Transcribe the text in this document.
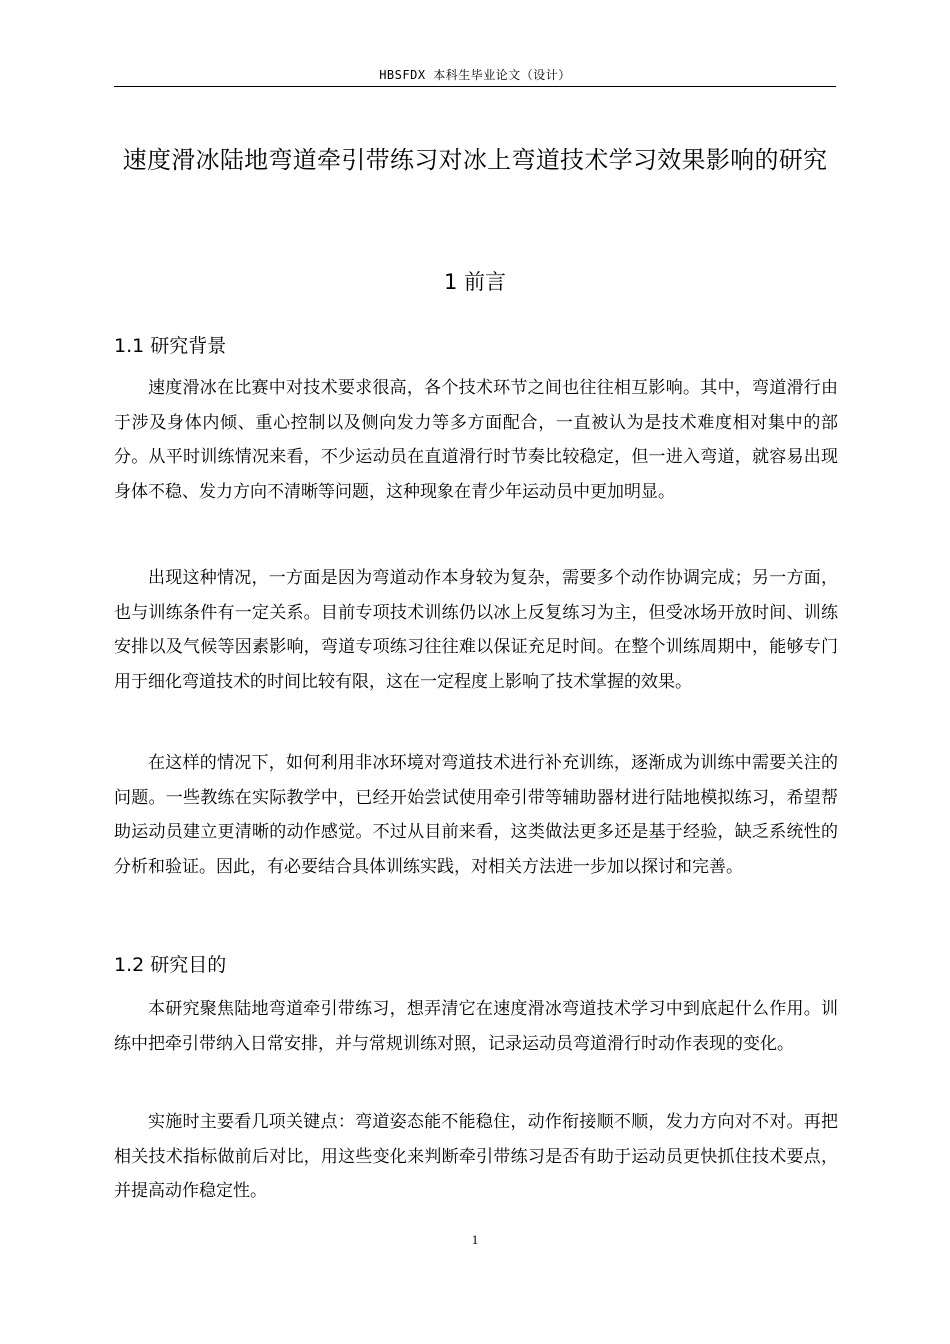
HBSFDX 本科生毕业论文（设计）
速度滑冰陆地弯道牵引带练习对冰上弯道技术学习效果影响的研究
1 前言
1.1 研究背景

速度滑冰在比赛中对技术要求很高，各个技术环节之间也往往相互影响。其中，弯道滑行由于涉及身体内倾、重心控制以及侧向发力等多方面配合，一直被认为是技术难度相对集中的部分。从平时训练情况来看，不少运动员在直道滑行时节奏比较稳定，但一进入弯道，就容易出现身体不稳、发力方向不清晰等问题，这种现象在青少年运动员中更加明显。

出现这种情况，一方面是因为弯道动作本身较为复杂，需要多个动作协调完成；另一方面，也与训练条件有一定关系。目前专项技术训练仍以冰上反复练习为主，但受冰场开放时间、训练安排以及气候等因素影响，弯道专项练习往往难以保证充足时间。在整个训练周期中，能够专门用于细化弯道技术的时间比较有限，这在一定程度上影响了技术掌握的效果。

在这样的情况下，如何利用非冰环境对弯道技术进行补充训练，逐渐成为训练中需要关注的问题。一些教练在实际教学中，已经开始尝试使用牵引带等辅助器材进行陆地模拟练习，希望帮助运动员建立更清晰的动作感觉。不过从目前来看，这类做法更多还是基于经验，缺乏系统性的分析和验证。因此，有必要结合具体训练实践，对相关方法进一步加以探讨和完善。

1.2 研究目的

本研究聚焦陆地弯道牵引带练习，想弄清它在速度滑冰弯道技术学习中到底起什么作用。训练中把牵引带纳入日常安排，并与常规训练对照，记录运动员弯道滑行时动作表现的变化。

实施时主要看几项关键点：弯道姿态能不能稳住，动作衔接顺不顺，发力方向对不对。再把相关技术指标做前后对比，用这些变化来判断牵引带练习是否有助于运动员更快抓住技术要点，并提高动作稳定性。

1
